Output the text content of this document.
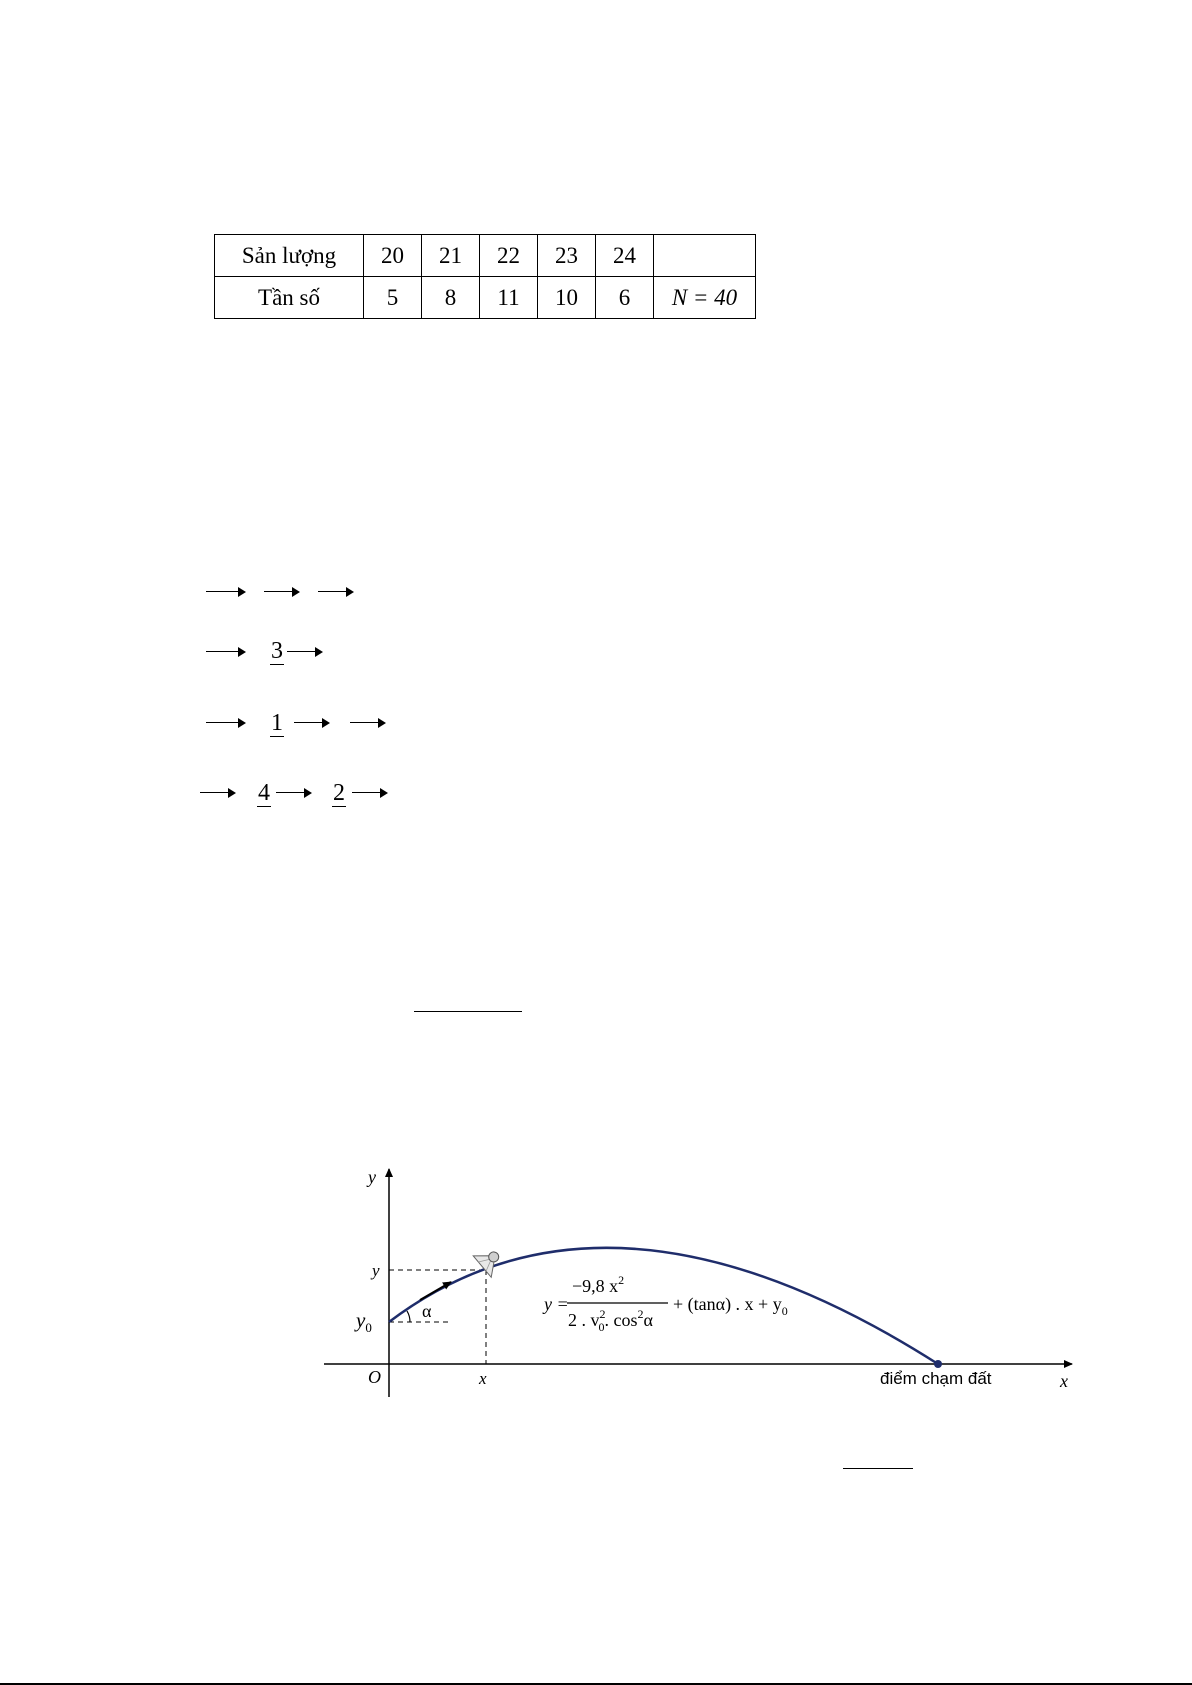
Sản lượng	20	21	22	23	24	
Tần số	5	8	11	10	6	N = 40
3
1
4	2
y
x
O
y
$y_0$
x
α
điểm chạm đất
y =
−9,8 $x^2$
2 . $v^2$ 0. $\cos^2\alpha$
+ (tanα) . $x + y_0$
